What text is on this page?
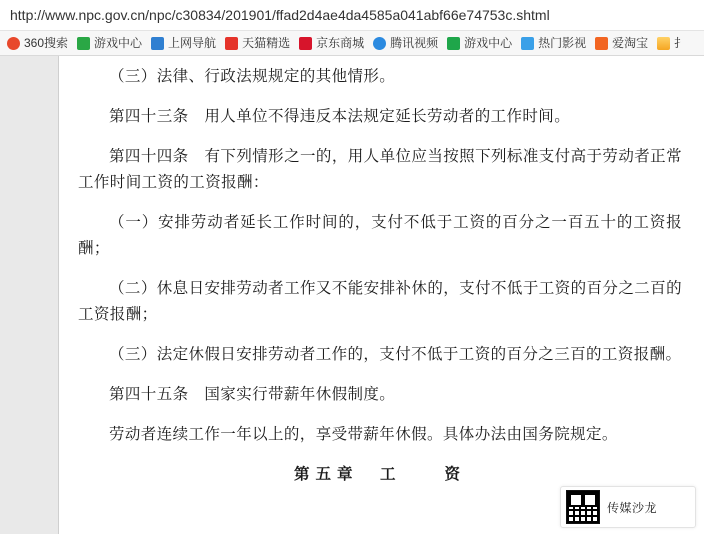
http://www.npc.gov.cn/npc/c30834/201901/ffad2d4ae4da4585a041abf66e74753c.shtml
360搜索 游戏中心 上网导航 天猫精选 京东商城 腾讯视频 游戏中心 热门影视 爱淘宝 扌

（三）法律、行政法规规定的其他情形。

第四十三条　用人单位不得违反本法规定延长劳动者的工作时间。

第四十四条　有下列情形之一的，用人单位应当按照下列标准支付高于劳动者正常工作时间工资的工资报酬：

（一）安排劳动者延长工作时间的，支付不低于工资的百分之一百五十的工资报酬；

（二）休息日安排劳动者工作又不能安排补休的，支付不低于工资的百分之二百的工资报酬；

（三）法定休假日安排劳动者工作的，支付不低于工资的百分之三百的工资报酬。

第四十五条　国家实行带薪年休假制度。

劳动者连续工作一年以上的，享受带薪年休假。具体办法由国务院规定。

第五章　工　　资

传媒沙龙
